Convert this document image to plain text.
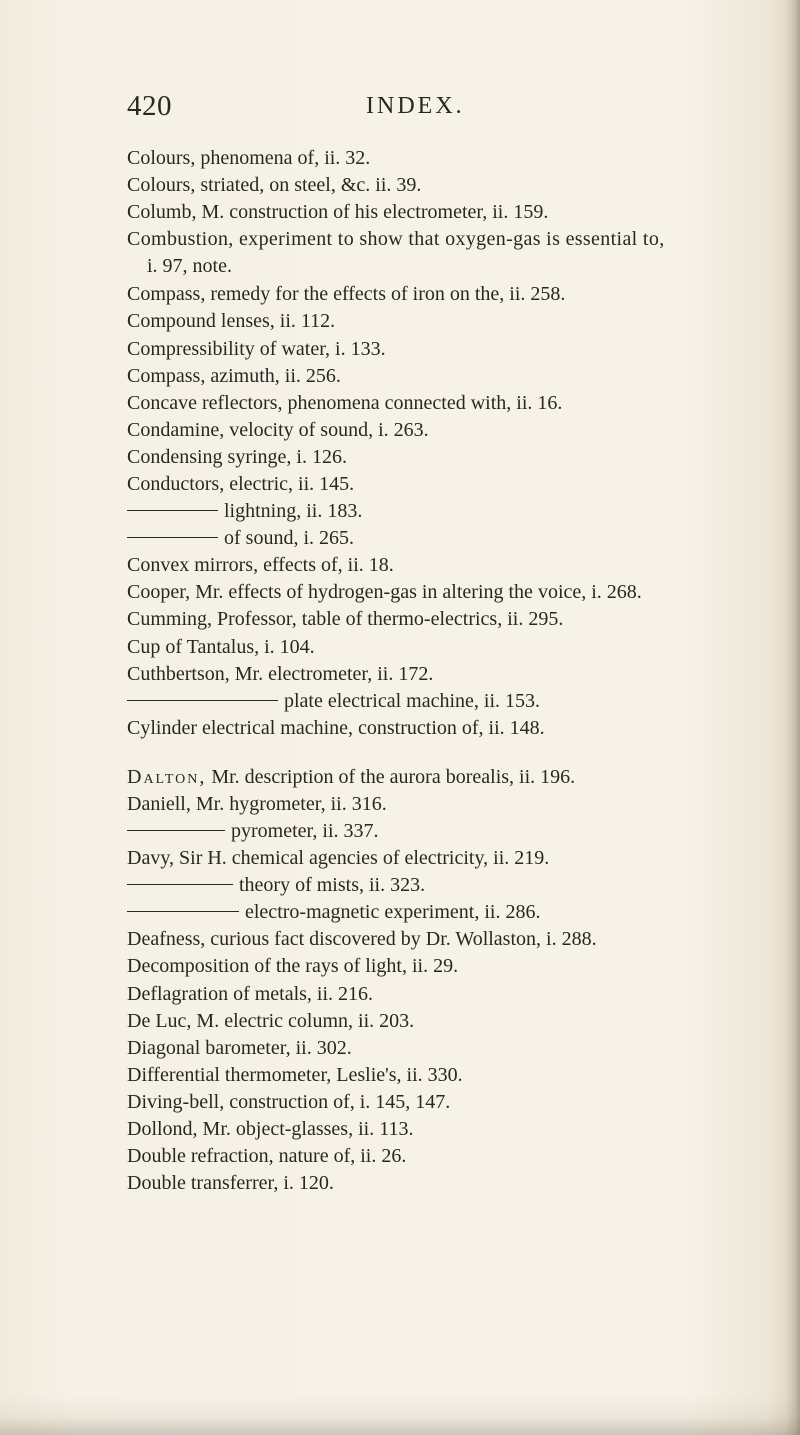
420	INDEX.
Colours, phenomena of, ii. 32.
Colours, striated, on steel, &c. ii. 39.
Columb, M. construction of his electrometer, ii. 159.
Combustion, experiment to show that oxygen-gas is essential to,
i. 97, note.
Compass, remedy for the effects of iron on the, ii. 258.
Compound lenses, ii. 112.
Compressibility of water, i. 133.
Compass, azimuth, ii. 256.
Concave reflectors, phenomena connected with, ii. 16.
Condamine, velocity of sound, i. 263.
Condensing syringe, i. 126.
Conductors, electric, ii. 145.
lightning, ii. 183.
of sound, i. 265.
Convex mirrors, effects of, ii. 18.
Cooper, Mr. effects of hydrogen-gas in altering the voice, i. 268.
Cumming, Professor, table of thermo-electrics, ii. 295.
Cup of Tantalus, i. 104.
Cuthbertson, Mr. electrometer, ii. 172.
plate electrical machine, ii. 153.
Cylinder electrical machine, construction of, ii. 148.
Dalton, Mr. description of the aurora borealis, ii. 196.
Daniell, Mr. hygrometer, ii. 316.
pyrometer, ii. 337.
Davy, Sir H. chemical agencies of electricity, ii. 219.
theory of mists, ii. 323.
electro-magnetic experiment, ii. 286.
Deafness, curious fact discovered by Dr. Wollaston, i. 288.
Decomposition of the rays of light, ii. 29.
Deflagration of metals, ii. 216.
De Luc, M. electric column, ii. 203.
Diagonal barometer, ii. 302.
Differential thermometer, Leslie's, ii. 330.
Diving-bell, construction of, i. 145, 147.
Dollond, Mr. object-glasses, ii. 113.
Double refraction, nature of, ii. 26.
Double transferrer, i. 120.
